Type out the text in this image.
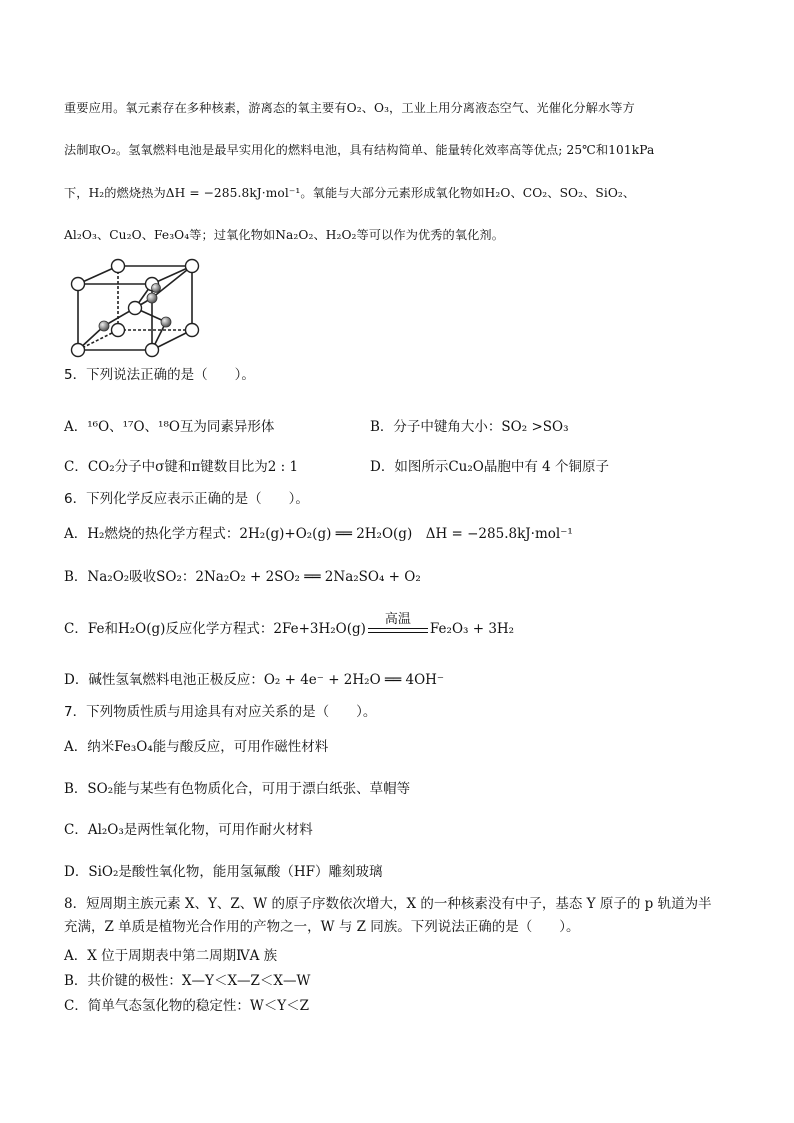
重要应用。氧元素存在多种核素，游离态的氧主要有O₂、O₃，工业上用分离液态空气、光催化分解水等方
法制取O₂。氢氧燃料电池是最早实用化的燃料电池，具有结构简单、能量转化效率高等优点; 25℃和101kPa
下，H₂的燃烧热为ΔH = −285.8kJ·mol⁻¹。氧能与大部分元素形成氧化物如H₂O、CO₂、SO₂、SiO₂、
Al₂O₃、Cu₂O、Fe₃O₄等；过氧化物如Na₂O₂、H₂O₂等可以作为优秀的氧化剂。
5．下列说法正确的是（　　）。
A．¹⁶O、¹⁷O、¹⁸O互为同素异形体	B．分子中键角大小：SO₂ >SO₃
C．CO₂分子中σ键和π键数目比为2 : 1	D．如图所示Cu₂O晶胞中有 4 个铜原子
6．下列化学反应表示正确的是（　　）。
A．H₂燃烧的热化学方程式：2H₂(g)+O₂(g) ══ 2H₂O(g)　ΔH = −285.8kJ·mol⁻¹
B．Na₂O₂吸收SO₂：2Na₂O₂ + 2SO₂ ══ 2Na₂SO₄ + O₂
C．Fe和H₂O(g)反应化学方程式：2Fe+3H₂O(g)
高温
Fe₂O₃ + 3H₂
D．碱性氢氧燃料电池正极反应：O₂ + 4e⁻ + 2H₂O ══ 4OH⁻
7．下列物质性质与用途具有对应关系的是（　　）。
A．纳米Fe₃O₄能与酸反应，可用作磁性材料
B．SO₂能与某些有色物质化合，可用于漂白纸张、草帽等
C．Al₂O₃是两性氧化物，可用作耐火材料
D．SiO₂是酸性氧化物，能用氢氟酸（HF）雕刻玻璃
8．短周期主族元素 X、Y、Z、W 的原子序数依次增大，X 的一种核素没有中子，基态 Y 原子的 p 轨道为半
充满，Z 单质是植物光合作用的产物之一，W 与 Z 同族。下列说法正确的是（　　）。
A．X 位于周期表中第二周期ⅣA 族
B．共价键的极性：X—Y＜X—Z＜X—W
C．简单气态氢化物的稳定性：W＜Y＜Z
